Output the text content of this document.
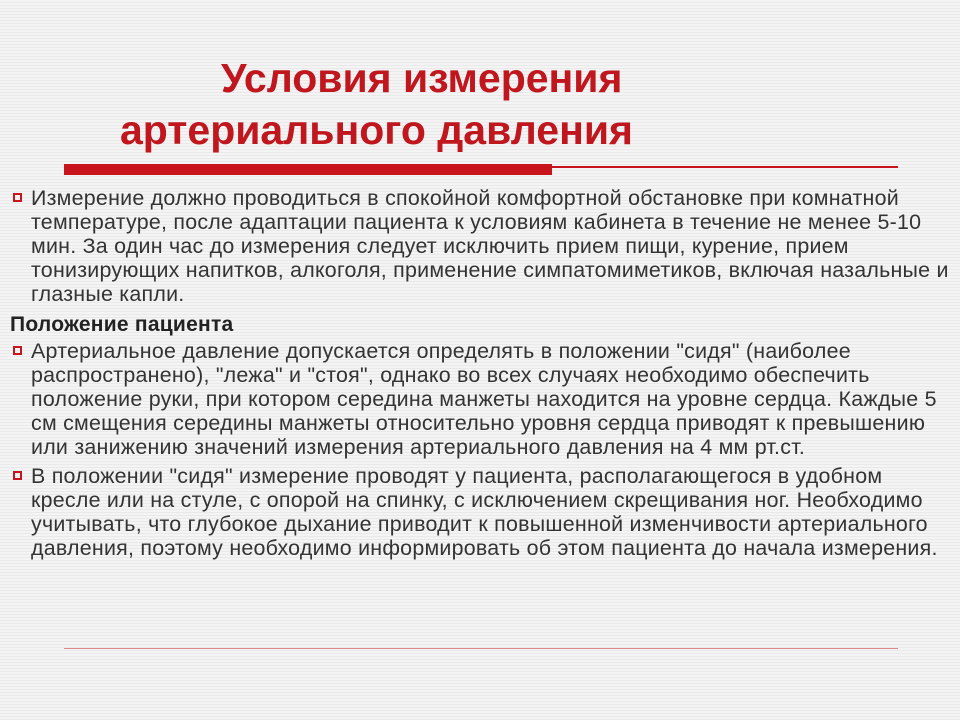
Условия измерения
артериального давления

Измерение должно проводиться в спокойной комфортной обстановке при комнатной температуре, после адаптации пациента к условиям кабинета в течение не менее 5-10 мин. За один час до измерения следует исключить прием пищи, курение, прием тонизирующих напитков, алкоголя, применение симпатомиметиков, включая назальные и глазные капли.

Положение пациента

Артериальное давление допускается определять в положении "сидя" (наиболее распространено), "лежа" и "стоя", однако во всех случаях необходимо обеспечить положение руки, при котором середина манжеты находится на уровне сердца. Каждые 5 см смещения середины манжеты относительно уровня сердца приводят к превышению или занижению значений измерения артериального давления на 4 мм рт.ст.

В положении "сидя" измерение проводят у пациента, располагающегося в удобном кресле или на стуле, с опорой на спинку, с исключением скрещивания ног. Необходимо учитывать, что глубокое дыхание приводит к повышенной изменчивости артериального давления, поэтому необходимо информировать об этом пациента до начала измерения.
